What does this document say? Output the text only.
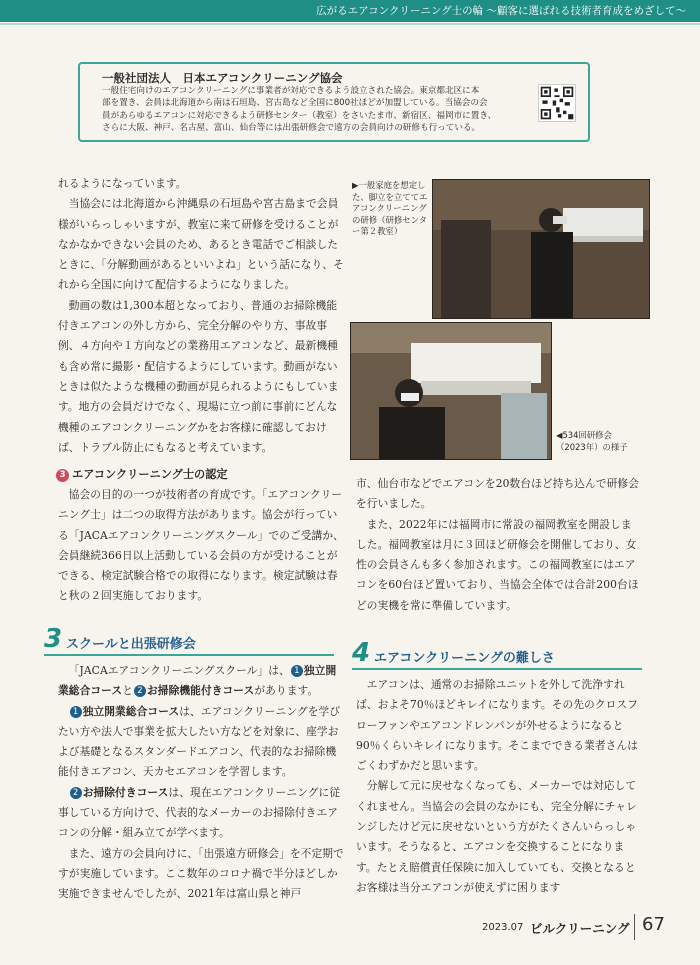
広がるエアコンクリーニング士の輪 〜顧客に選ばれる技術者育成をめざして〜
一般社団法人　日本エアコンクリーニング協会
一般住宅向けのエアコンクリーニングに事業者が対応できるよう設立された協会。東京都北区に本
部を置き、会員は北海道から南は石垣島、宮古島など全国に800社ほどが加盟している。当協会の会
員があらゆるエアコンに対応できるよう研修センター（教室）をさいたま市、新宿区、福岡市に置き、
さらに大阪、神戸、名古屋、富山、仙台等には出張研修会で遠方の会員向けの研修も行っている。

れるようになっています。

当協会には北海道から沖縄県の石垣島や宮古島まで会員様がいらっしゃいますが、教室に来て研修を受けることがなかなかできない会員のため、あるとき電話でご相談したときに、「分解動画があるといいよね」という話になり、それから全国に向けて配信するようになりました。

動画の数は1,300本超となっており、普通のお掃除機能付きエアコンの外し方から、完全分解のやり方、事故事例、４方向や１方向などの業務用エアコンなど、最新機種も含め常に撮影・配信するようにしています。動画がないときは似たような機種の動画が見られるようにもしています。地方の会員だけでなく、現場に立つ前に事前にどんな機種のエアコンクリーニングかをお客様に確認しておけば、トラブル防止にもなると考えています。

3 エアコンクリーニング士の認定

協会の目的の一つが技術者の育成です。「エアコンクリーニング士」は二つの取得方法があります。協会が行っている「JACAエアコンクリーニングスクール」でのご受講か、会員継続366日以上活動している会員の方が受けることができる、検定試験合格での取得になります。検定試験は春と秋の２回実施しております。

3 スクールと出張研修会

「JACAエアコンクリーニングスクール」は、 1 独立開業総合コースと 2 お掃除機能付きコースがあります。

1 独立開業総合コースは、エアコンクリーニングを学びたい方や法人で事業を拡大したい方などを対象に、座学および基礎となるスタンダードエアコン、代表的なお掃除機能付きエアコン、天カセエアコンを学習します。

2 お掃除付きコースは、現在エアコンクリーニングに従事している方向けで、代表的なメーカーのお掃除付きエアコンの分解・組み立てが学べます。

また、遠方の会員向けに、「出張遠方研修会」を不定期ですが実施しています。ここ数年のコロナ禍で半分ほどしか実施できませんでしたが、2021年は富山県と神戸

▶一般家庭を想定した、脚立を立ててエアコンクリーニングの研修（研修センター第２教室）
◀534回研修会（2023年）の様子

市、仙台市などでエアコンを20数台ほど持ち込んで研修会を行いました。

また、2022年には福岡市に常設の福岡教室を開設しました。福岡教室は月に３回ほど研修会を開催しており、女性の会員さんも多く参加されます。この福岡教室にはエアコンを60台ほど置いており、当協会全体では合計200台ほどの実機を常に準備しています。

4 エアコンクリーニングの難しさ

エアコンは、通常のお掃除ユニットを外して洗浄すれば、およそ70％ほどキレイになります。その先のクロスフローファンやエアコンドレンパンが外せるようになると90％くらいキレイになります。そこまでできる業者さんはごくわずかだと思います。

分解して元に戻せなくなっても、メーカーでは対応してくれません。当協会の会員のなかにも、完全分解にチャレンジしたけど元に戻せないという方がたくさんいらっしゃいます。そうなると、エアコンを交換することになります。たとえ賠償責任保険に加入していても、交換となるとお客様は当分エアコンが使えずに困ります

2023.07 ビルクリーニング 67
